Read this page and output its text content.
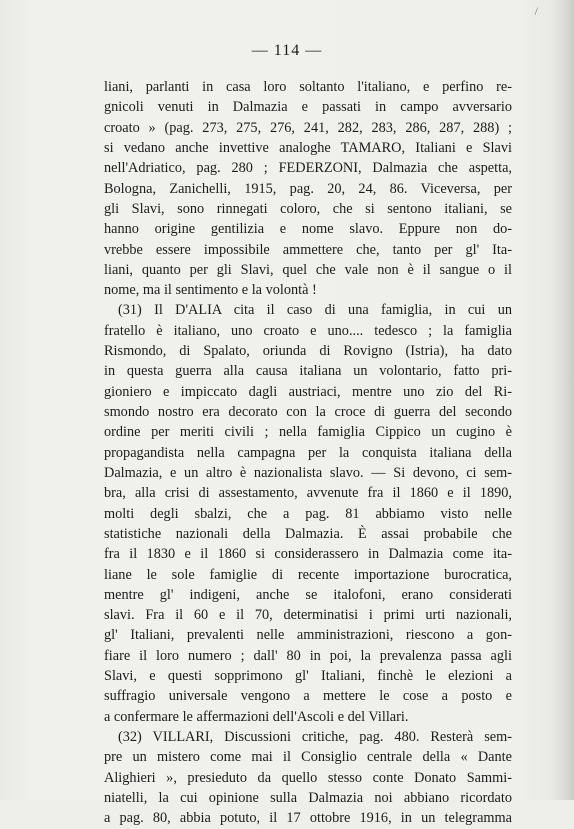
/
— 114 —
liani, parlanti in casa loro soltanto l'italiano, e perfino re-
gnicoli venuti in Dalmazia e passati in campo avversario
croato » (pag. 273, 275, 276, 241, 282, 283, 286, 287, 288) ;
si vedano anche invettive analoghe TAMARO, Italiani e Slavi
nell'Adriatico, pag. 280 ; FEDERZONI, Dalmazia che aspetta,
Bologna, Zanichelli, 1915, pag. 20, 24, 86. Viceversa, per
gli Slavi, sono rinnegati coloro, che si sentono italiani, se
hanno origine gentilizia e nome slavo. Eppure non do-
vrebbe essere impossibile ammettere che, tanto per gl' Ita-
liani, quanto per gli Slavi, quel che vale non è il sangue o il
nome, ma il sentimento e la volontà !
(31) Il D'ALIA cita il caso di una famiglia, in cui un
fratello è italiano, uno croato e uno.... tedesco ; la famiglia
Rismondo, di Spalato, oriunda di Rovigno (Istria), ha dato
in questa guerra alla causa italiana un volontario, fatto pri-
gioniero e impiccato dagli austriaci, mentre uno zio del Ri-
smondo nostro era decorato con la croce di guerra del secondo
ordine per meriti civili ; nella famiglia Cippico un cugino è
propagandista nella campagna per la conquista italiana della
Dalmazia, e un altro è nazionalista slavo. — Si devono, ci sem-
bra, alla crisi di assestamento, avvenute fra il 1860 e il 1890,
molti degli sbalzi, che a pag. 81 abbiamo visto nelle
statistiche nazionali della Dalmazia. È assai probabile che
fra il 1830 e il 1860 si considerassero in Dalmazia come ita-
liane le sole famiglie di recente importazione burocratica,
mentre gl' indigeni, anche se italofoni, erano considerati
slavi. Fra il 60 e il 70, determinatisi i primi urti nazionali,
gl' Italiani, prevalenti nelle amministrazioni, riescono a gon-
fiare il loro numero ; dall' 80 in poi, la prevalenza passa agli
Slavi, e questi sopprimono gl' Italiani, finchè le elezioni a
suffragio universale vengono a mettere le cose a posto e
a confermare le affermazioni dell'Ascoli e del Villari.
(32) VILLARI, Discussioni critiche, pag. 480. Resterà sem-
pre un mistero come mai il Consiglio centrale della « Dante
Alighieri », presieduto da quello stesso conte Donato Sammi-
niatelli, la cui opinione sulla Dalmazia noi abbiano ricordato
a pag. 80, abbia potuto, il 17 ottobre 1916, in un telegramma
